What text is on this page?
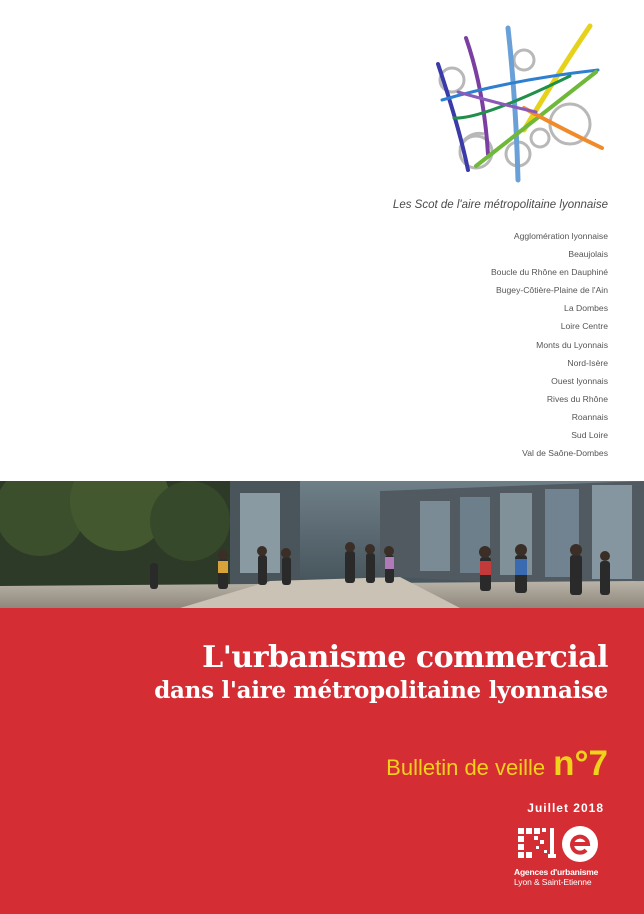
Les Scot de l'aire métropolitaine lyonnaise
Agglomération lyonnaise
Beaujolais
Boucle du Rhône en Dauphiné
Bugey-Côtière-Plaine de l'Ain
La Dombes
Loire Centre
Monts du Lyonnais
Nord-Isère
Ouest lyonnais
Rives du Rhône
Roannais
Sud Loire
Val de Saône-Dombes
L'urbanisme commercial
dans l'aire métropolitaine lyonnaise
Bulletin de veille n°7
Juillet 2018
Agences d'urbanisme
Lyon & Saint-Etienne
